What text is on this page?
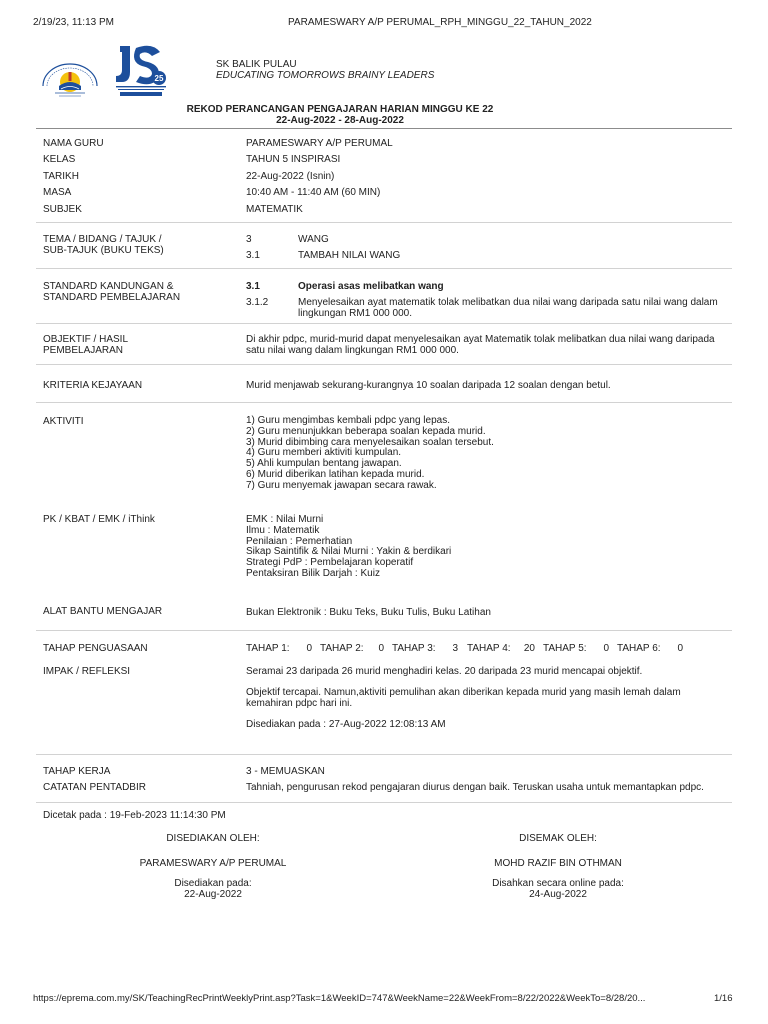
2/19/23, 11:13 PM	PARAMESWARY A/P PERUMAL_RPH_MINGGU_22_TAHUN_2022
25
SK BALIK PULAU
EDUCATING TOMORROWS BRAINY LEADERS
REKOD PERANCANGAN PENGAJARAN HARIAN MINGGU KE 22
22-Aug-2022 - 28-Aug-2022
NAMA GURU	PARAMESWARY A/P PERUMAL
KELAS	TAHUN 5 INSPIRASI
TARIKH	22-Aug-2022 (Isnin)
MASA	10:40 AM - 11:40 AM (60 MIN)
SUBJEK	MATEMATIK
TEMA / BIDANG / TAJUK /
SUB-TAJUK (BUKU TEKS)
3	WANG
3.1	TAMBAH NILAI WANG
STANDARD KANDUNGAN &
STANDARD PEMBELAJARAN
3.1	Operasi asas melibatkan wang
3.1.2	Menyelesaikan ayat matematik tolak melibatkan dua nilai wang daripada satu nilai wang dalam lingkungan RM1 000 000.
OBJEKTIF / HASIL
PEMBELAJARAN
Di akhir pdpc, murid-murid dapat menyelesaikan ayat Matematik tolak melibatkan dua nilai wang daripada satu nilai wang dalam lingkungan RM1 000 000.
KRITERIA KEJAYAAN	Murid menjawab sekurang-kurangnya 10 soalan daripada 12 soalan dengan betul.
AKTIVITI	1) Guru mengimbas kembali pdpc yang lepas.
2) Guru menunjukkan beberapa soalan kepada murid.
3) Murid dibimbing cara menyelesaikan soalan tersebut.
4) Guru memberi aktiviti kumpulan.
5) Ahli kumpulan bentang jawapan.
6) Murid diberikan latihan kepada murid.
7) Guru menyemak jawapan secara rawak.
PK / KBAT / EMK / iThink	EMK : Nilai Murni
Ilmu : Matematik
Penilaian : Pemerhatian
Sikap Saintifik & Nilai Murni : Yakin & berdikari
Strategi PdP : Pembelajaran koperatif
Pentaksiran Bilik Darjah : Kuiz
ALAT BANTU MENGAJAR	Bukan Elektronik : Buku Teks, Buku Tulis, Buku Latihan
TAHAP PENGUASAAN	TAHAP 1:	0 TAHAP 2:	0 TAHAP 3:	3 TAHAP 4:	20 TAHAP 5:	0 TAHAP 6:	0
IMPAK / REFLEKSI	Seramai 23 daripada 26 murid menghadiri kelas. 20 daripada 23 murid mencapai objektif.
Objektif tercapai. Namun,aktiviti pemulihan akan diberikan kepada murid yang masih lemah dalam kemahiran pdpc hari ini.
Disediakan pada : 27-Aug-2022 12:08:13 AM
TAHAP KERJA	3 - MEMUASKAN
CATATAN PENTADBIR	Tahniah, pengurusan rekod pengajaran diurus dengan baik. Teruskan usaha untuk memantapkan pdpc.
Dicetak pada : 19-Feb-2023 11:14:30 PM
DISEDIAKAN OLEH:
PARAMESWARY A/P PERUMAL
Disediakan pada:
22-Aug-2022
DISEMAK OLEH:
MOHD RAZIF BIN OTHMAN
Disahkan secara online pada:
24-Aug-2022
https://eprema.com.my/SK/TeachingRecPrintWeeklyPrint.asp?Task=1&WeekID=747&WeekName=22&WeekFrom=8/22/2022&WeekTo=8/28/20...	1/16
